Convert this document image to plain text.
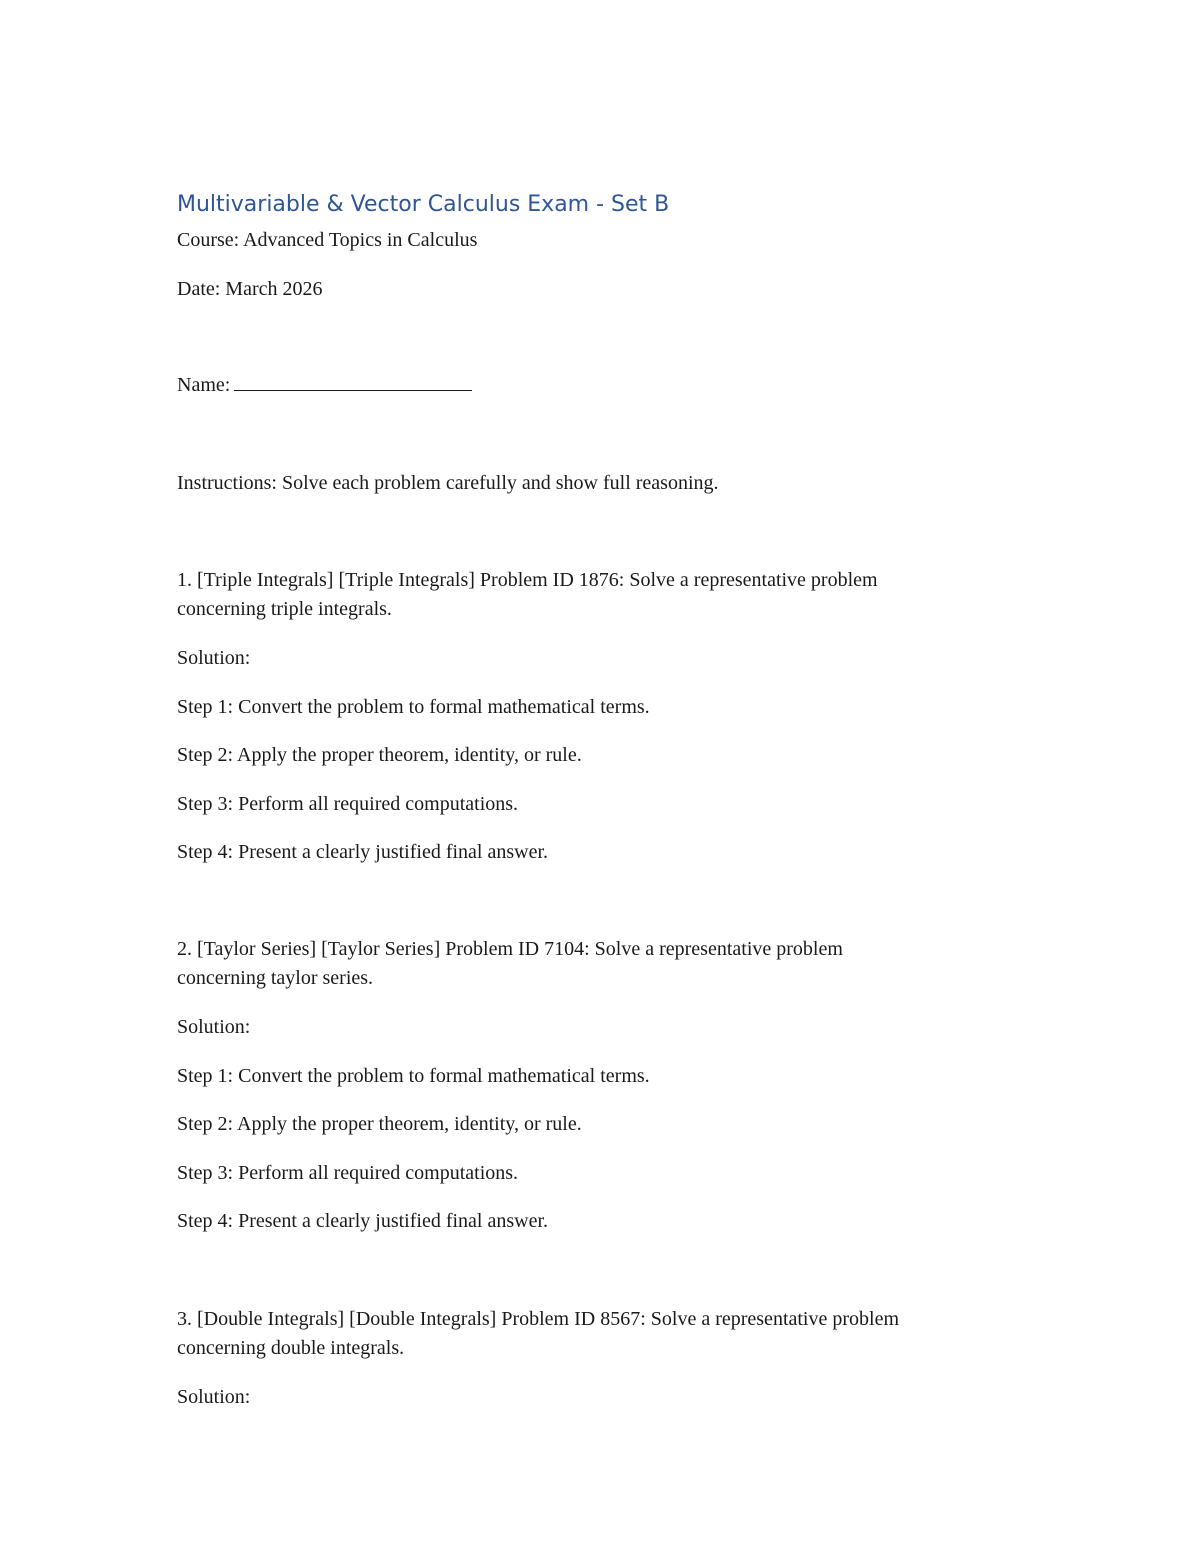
Multivariable & Vector Calculus Exam - Set B
Course: Advanced Topics in Calculus
Date: March 2026
Name:
Instructions: Solve each problem carefully and show full reasoning.
1. [Triple Integrals] [Triple Integrals] Problem ID 1876: Solve a representative problem
concerning triple integrals.
Solution:
Step 1: Convert the problem to formal mathematical terms.
Step 2: Apply the proper theorem, identity, or rule.
Step 3: Perform all required computations.
Step 4: Present a clearly justified final answer.
2. [Taylor Series] [Taylor Series] Problem ID 7104: Solve a representative problem
concerning taylor series.
Solution:
Step 1: Convert the problem to formal mathematical terms.
Step 2: Apply the proper theorem, identity, or rule.
Step 3: Perform all required computations.
Step 4: Present a clearly justified final answer.
3. [Double Integrals] [Double Integrals] Problem ID 8567: Solve a representative problem
concerning double integrals.
Solution:
